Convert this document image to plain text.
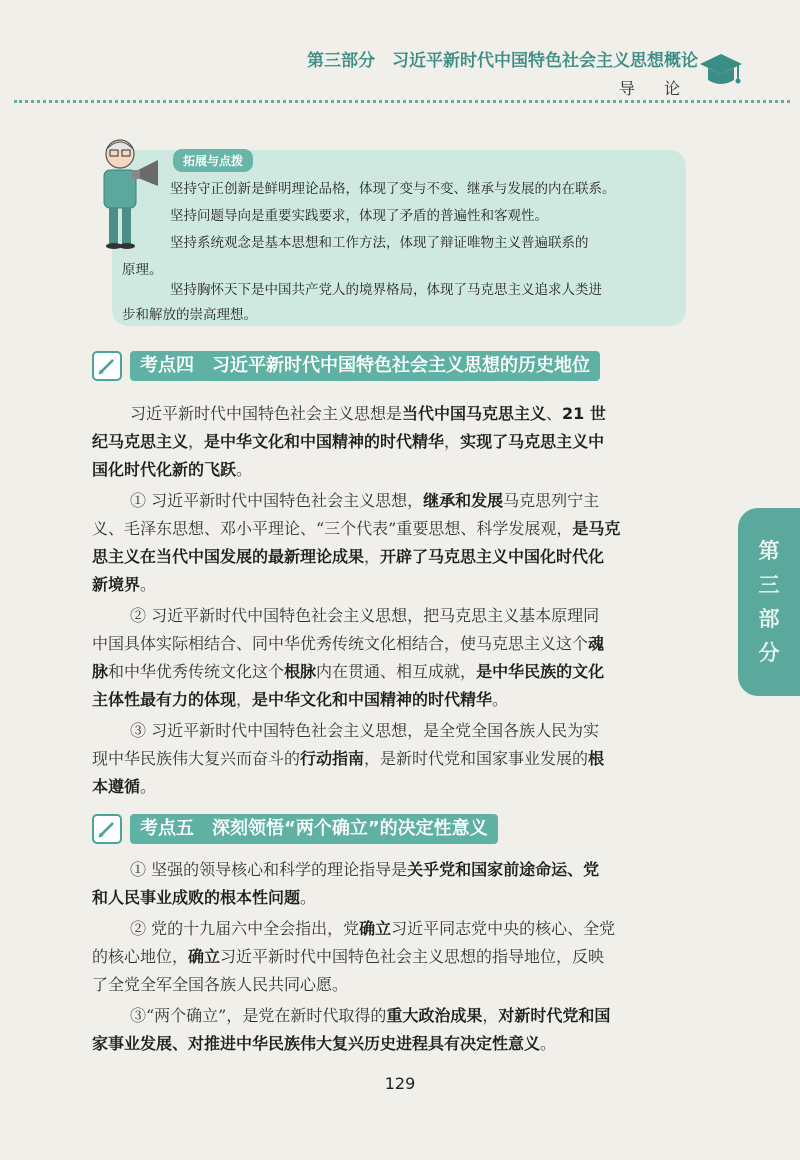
第三部分　习近平新时代中国特色社会主义思想概论
导 论
拓展与点拨
坚持守正创新是鲜明理论品格，体现了变与不变、继承与发展的内在联系。
坚持问题导向是重要实践要求，体现了矛盾的普遍性和客观性。
坚持系统观念是基本思想和工作方法，体现了辩证唯物主义普遍联系的
原理。
坚持胸怀天下是中国共产党人的境界格局，体现了马克思主义追求人类进
步和解放的崇高理想。
考点四　习近平新时代中国特色社会主义思想的历史地位
习近平新时代中国特色社会主义思想是当代中国马克思主义、21 世
纪马克思主义，是中华文化和中国精神的时代精华，实现了马克思主义中
国化时代化新的飞跃。
① 习近平新时代中国特色社会主义思想，继承和发展马克思列宁主
义、毛泽东思想、邓小平理论、“三个代表”重要思想、科学发展观，是马克
思主义在当代中国发展的最新理论成果，开辟了马克思主义中国化时代化
新境界。
② 习近平新时代中国特色社会主义思想，把马克思主义基本原理同
中国具体实际相结合、同中华优秀传统文化相结合，使马克思主义这个魂
脉和中华优秀传统文化这个根脉内在贯通、相互成就，是中华民族的文化
主体性最有力的体现，是中华文化和中国精神的时代精华。
③ 习近平新时代中国特色社会主义思想，是全党全国各族人民为实
现中华民族伟大复兴而奋斗的行动指南，是新时代党和国家事业发展的根
本遵循。
考点五　深刻领悟“两个确立”的决定性意义
① 坚强的领导核心和科学的理论指导是关乎党和国家前途命运、党
和人民事业成败的根本性问题。
② 党的十九届六中全会指出，党确立习近平同志党中央的核心、全党
的核心地位，确立习近平新时代中国特色社会主义思想的指导地位，反映
了全党全军全国各族人民共同心愿。
③“两个确立”，是党在新时代取得的重大政治成果，对新时代党和国
家事业发展、对推进中华民族伟大复兴历史进程具有决定性意义。
第
三
部
分
129
